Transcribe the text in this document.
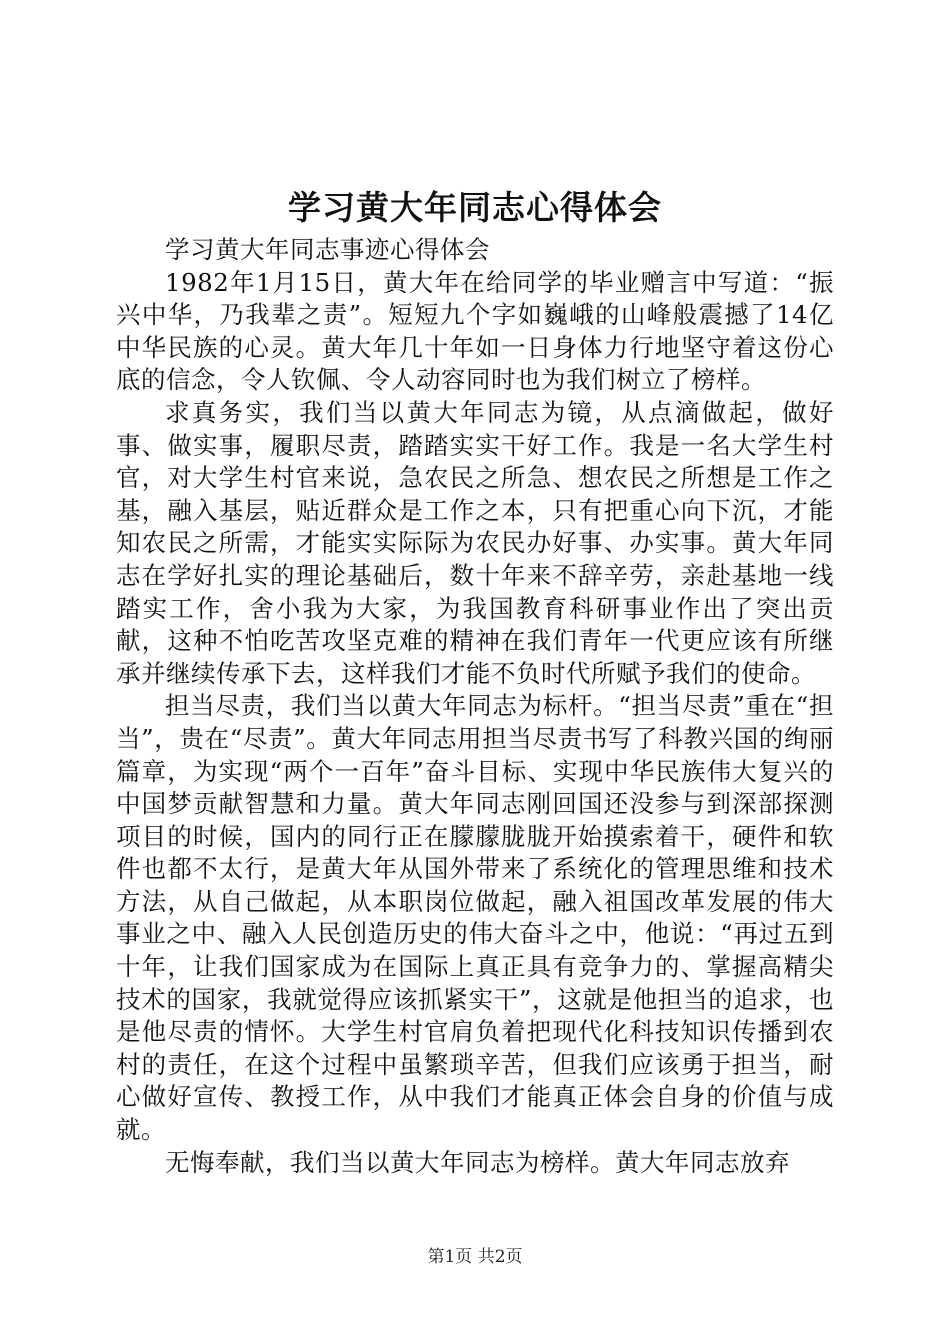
学习黄大年同志心得体会

学习黄大年同志事迹心得体会

1982年1月15日，黄大年在给同学的毕业赠言中写道：“振兴中华，乃我辈之责”。短短九个字如巍峨的山峰般震撼了14亿中华民族的心灵。黄大年几十年如一日身体力行地坚守着这份心底的信念，令人钦佩、令人动容同时也为我们树立了榜样。

求真务实，我们当以黄大年同志为镜，从点滴做起，做好事、做实事，履职尽责，踏踏实实干好工作。我是一名大学生村官，对大学生村官来说，急农民之所急、想农民之所想是工作之基，融入基层，贴近群众是工作之本，只有把重心向下沉，才能知农民之所需，才能实实际际为农民办好事、办实事。黄大年同志在学好扎实的理论基础后，数十年来不辞辛劳，亲赴基地一线踏实工作，舍小我为大家，为我国教育科研事业作出了突出贡献，这种不怕吃苦攻坚克难的精神在我们青年一代更应该有所继承并继续传承下去，这样我们才能不负时代所赋予我们的使命。

担当尽责，我们当以黄大年同志为标杆。“担当尽责”重在“担当”，贵在“尽责”。黄大年同志用担当尽责书写了科教兴国的绚丽篇章，为实现“两个一百年”奋斗目标、实现中华民族伟大复兴的中国梦贡献智慧和力量。黄大年同志刚回国还没参与到深部探测项目的时候，国内的同行正在朦朦胧胧开始摸索着干，硬件和软件也都不太行，是黄大年从国外带来了系统化的管理思维和技术方法，从自己做起，从本职岗位做起，融入祖国改革发展的伟大事业之中、融入人民创造历史的伟大奋斗之中，他说：“再过五到十年，让我们国家成为在国际上真正具有竞争力的、掌握高精尖技术的国家，我就觉得应该抓紧实干”，这就是他担当的追求，也是他尽责的情怀。大学生村官肩负着把现代化科技知识传播到农村的责任，在这个过程中虽繁琐辛苦，但我们应该勇于担当，耐心做好宣传、教授工作，从中我们才能真正体会自身的价值与成就。

无悔奉献，我们当以黄大年同志为榜样。黄大年同志放弃

第1页 共2页
